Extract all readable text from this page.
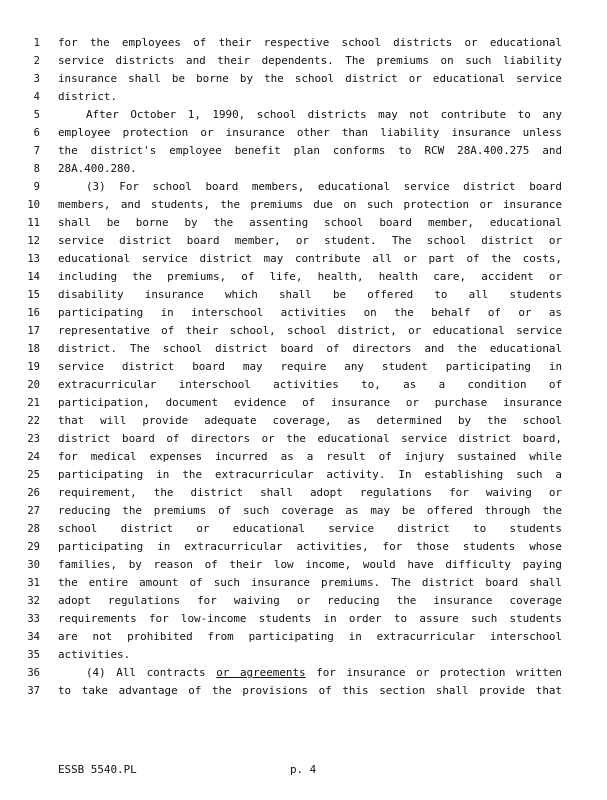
1 for the employees of their respective school districts or educational
2 service districts and their dependents. The premiums on such liability
3 insurance shall be borne by the school district or educational service
4 district.
5	After October 1, 1990, school districts may not contribute to any
6 employee protection or insurance other than liability insurance unless
7 the district's employee benefit plan conforms to RCW 28A.400.275 and
8 28A.400.280.
9	(3) For school board members, educational service district board
10 members, and students, the premiums due on such protection or insurance
11 shall be borne by the assenting school board member, educational
12 service district board member, or student. The school district or
13 educational service district may contribute all or part of the costs,
14 including the premiums, of life, health, health care, accident or
15 disability insurance which shall be offered to all students
16 participating in interschool activities on the behalf of or as
17 representative of their school, school district, or educational service
18 district. The school district board of directors and the educational
19 service district board may require any student participating in
20 extracurricular interschool activities to, as a condition of
21 participation, document evidence of insurance or purchase insurance
22 that will provide adequate coverage, as determined by the school
23 district board of directors or the educational service district board,
24 for medical expenses incurred as a result of injury sustained while
25 participating in the extracurricular activity. In establishing such a
26 requirement, the district shall adopt regulations for waiving or
27 reducing the premiums of such coverage as may be offered through the
28 school district or educational service district to students
29 participating in extracurricular activities, for those students whose
30 families, by reason of their low income, would have difficulty paying
31 the entire amount of such insurance premiums. The district board shall
32 adopt regulations for waiving or reducing the insurance coverage
33 requirements for low-income students in order to assure such students
34 are not prohibited from participating in extracurricular interschool
35 activities.
36	(4) All contracts or agreements for insurance or protection written
37 to take advantage of the provisions of this section shall provide that
ESSB 5540.PL	p. 4
